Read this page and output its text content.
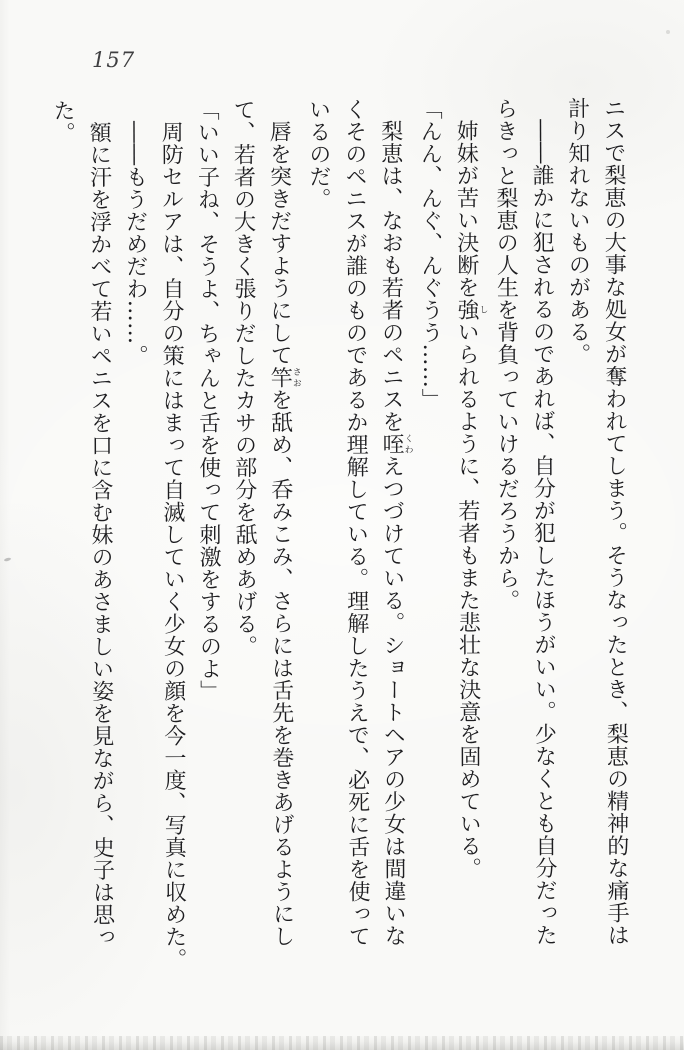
157
ニスで梨恵の大事な処女が奪われてしまう。そうなったとき、梨恵の精神的な痛手は
計り知れないものがある。
――誰かに犯されるのであれば、自分が犯したほうがいい。少なくとも自分だった
らきっと梨恵の人生を背負っていけるだろうから。
姉妹が苦い決断を強しいられるように、若者もまた悲壮な決意を固めている。
「んん、んぐ、んぐうう……」
梨恵は、なおも若者のペニスを咥くわえつづけている。ショートヘアの少女は間違いな
くそのペニスが誰のものであるか理解している。理解したうえで、必死に舌を使って
いるのだ。
唇を突きだすようにして竿さおを舐め、呑みこみ、さらには舌先を巻きあげるようにし
て、若者の大きく張りだしたカサの部分を舐めあげる。
「いい子ね、そうよ、ちゃんと舌を使って刺激をするのよ」
周防セルアは、自分の策にはまって自滅していく少女の顔を今一度、写真に収めた。
――もうだめだわ……。
額に汗を浮かべて若いペニスを口に含む妹のあさましい姿を見ながら、史子は思っ
た。
